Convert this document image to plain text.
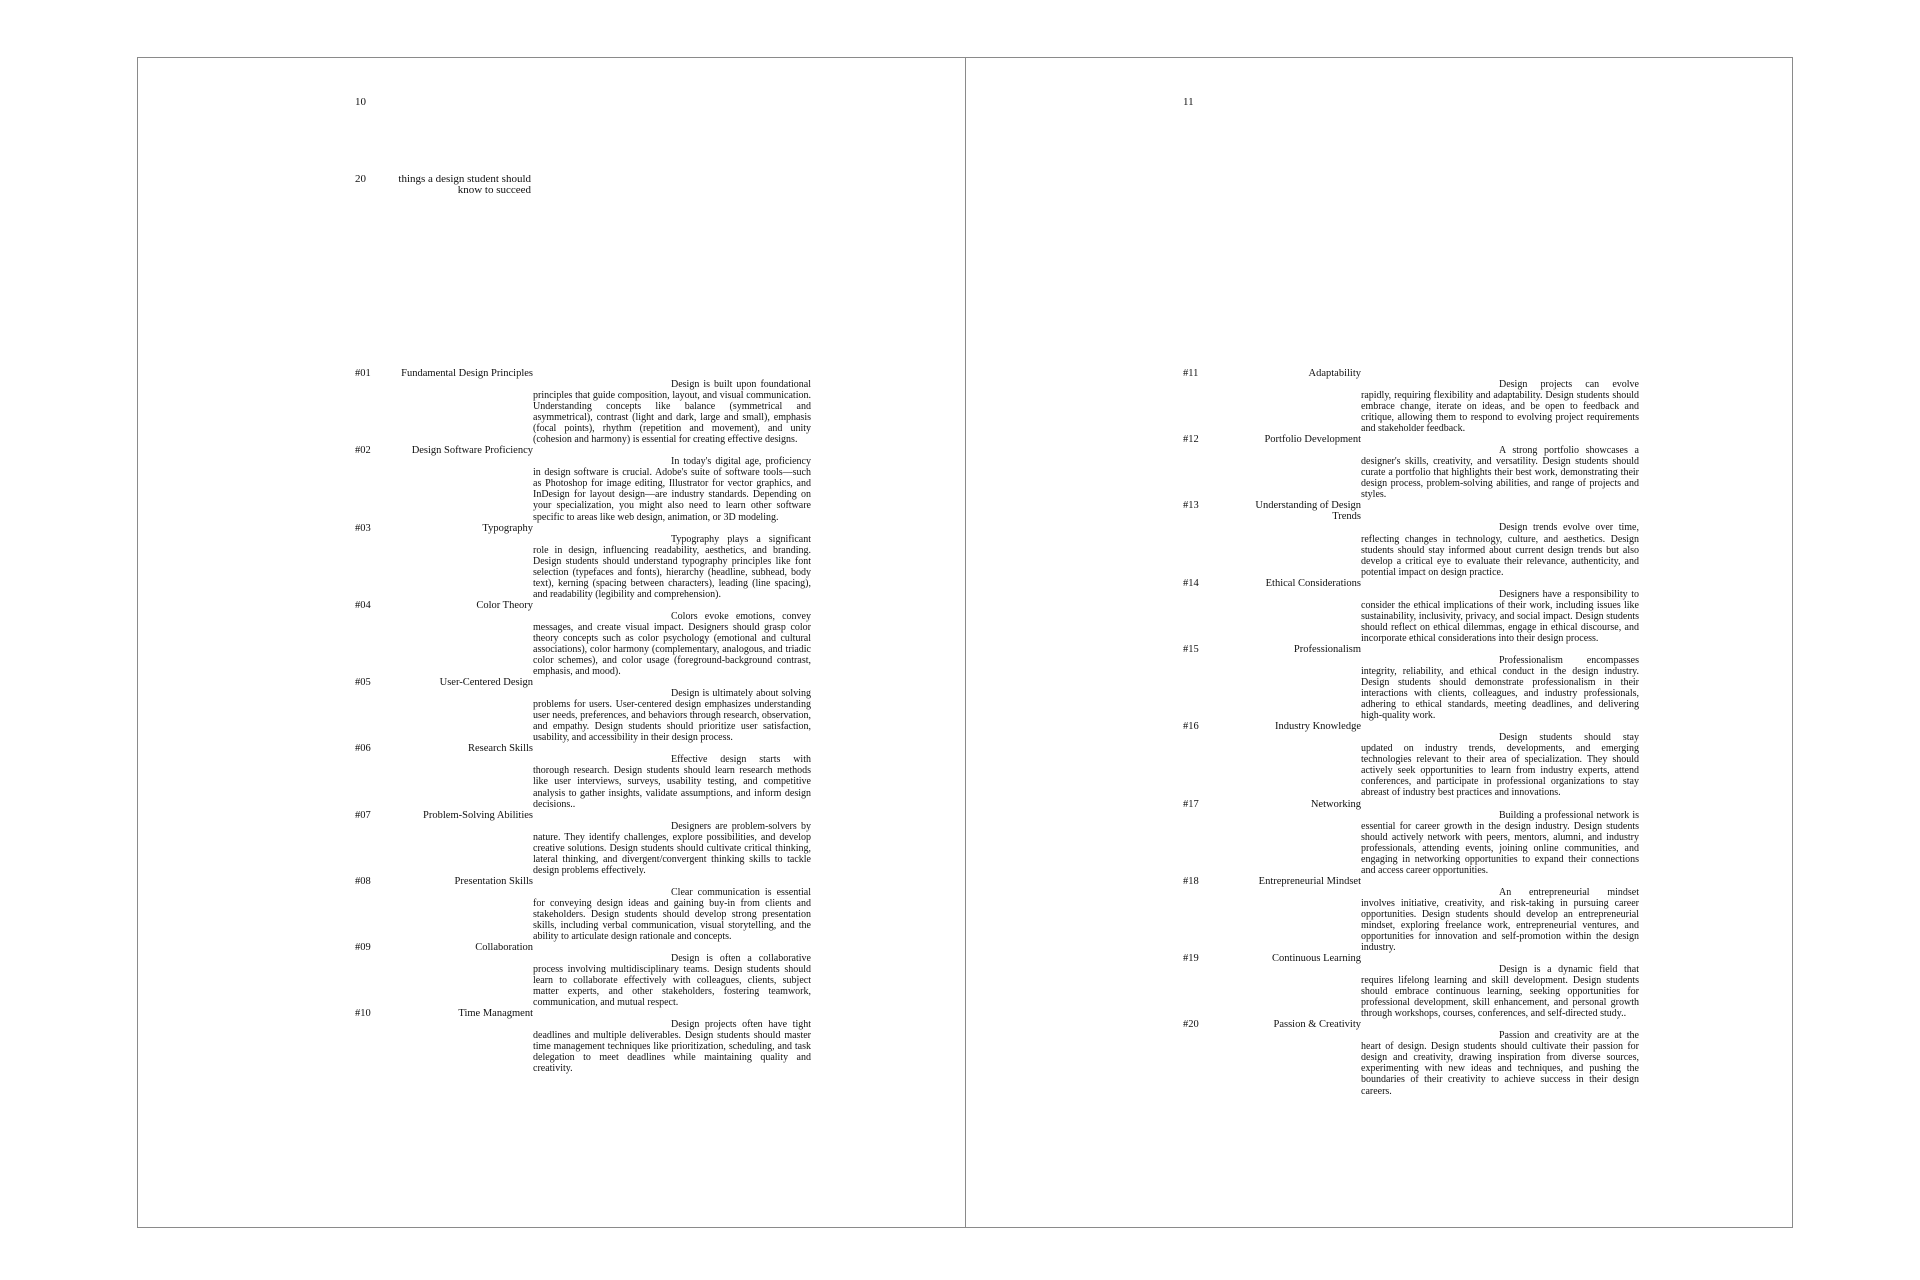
10
20	things a design student should know to succeed
#01	Fundamental Design Principles
Design is built upon foundational principles that guide composition, layout, and visual communication. Understanding concepts like balance (symmetrical and asymmetrical), contrast (light and dark, large and small), emphasis (focal points), rhythm (repetition and movement), and unity (cohesion and harmony) is essential for creating effective designs.
#02	Design Software Proficiency
In today's digital age, proficiency in design software is crucial. Adobe's suite of software tools—such as Photoshop for image editing, Illustrator for vector graphics, and InDesign for layout design—are industry standards. Depending on your specialization, you might also need to learn other software specific to areas like web design, animation, or 3D modeling.
#03	Typography
Typography plays a significant role in design, influencing readability, aesthetics, and branding. Design students should understand typography principles like font selection (typefaces and fonts), hierarchy (headline, subhead, body text), kerning (spacing between characters), leading (line spacing), and readability (legibility and comprehension).
#04	Color Theory
Colors evoke emotions, convey messages, and create visual impact. Designers should grasp color theory concepts such as color psychology (emotional and cultural associations), color harmony (complementary, analogous, and triadic color schemes), and color usage (foreground-background contrast, emphasis, and mood).
#05	User-Centered Design
Design is ultimately about solving problems for users. User-centered design emphasizes understanding user needs, preferences, and behaviors through research, observation, and empathy. Design students should prioritize user satisfaction, usability, and accessibility in their design process.
#06	Research Skills
Effective design starts with thorough research. Design students should learn research methods like user interviews, surveys, usability testing, and competitive analysis to gather insights, validate assumptions, and inform design decisions..
#07	Problem-Solving Abilities
Designers are problem-solvers by nature. They identify challenges, explore possibilities, and develop creative solutions. Design students should cultivate critical thinking, lateral thinking, and divergent/convergent thinking skills to tackle design problems effectively.
#08	Presentation Skills
Clear communication is essential for conveying design ideas and gaining buy-in from clients and stakeholders. Design students should develop strong presentation skills, including verbal communication, visual storytelling, and the ability to articulate design rationale and concepts.
#09	Collaboration
Design is often a collaborative process involving multidisciplinary teams. Design students should learn to collaborate effectively with colleagues, clients, subject matter experts, and other stakeholders, fostering teamwork, communication, and mutual respect.
#10	Time Managment
Design projects often have tight deadlines and multiple deliverables. Design students should master time management techniques like prioritization, scheduling, and task delegation to meet deadlines while maintaining quality and creativity.
11
#11	Adaptability
Design projects can evolve rapidly, requiring flexibility and adaptability. Design students should embrace change, iterate on ideas, and be open to feedback and critique, allowing them to respond to evolving project requirements and stakeholder feedback.
#12	Portfolio Development
A strong portfolio showcases a designer's skills, creativity, and versatility. Design students should curate a portfolio that highlights their best work, demonstrating their design process, problem-solving abilities, and range of projects and styles.
#13	Understanding of Design Trends
Design trends evolve over time, reflecting changes in technology, culture, and aesthetics. Design students should stay informed about current design trends but also develop a critical eye to evaluate their relevance, authenticity, and potential impact on design practice.
#14	Ethical Considerations
Designers have a responsibility to consider the ethical implications of their work, including issues like sustainability, inclusivity, privacy, and social impact. Design students should reflect on ethical dilemmas, engage in ethical discourse, and incorporate ethical considerations into their design process.
#15	Professionalism
Professionalism encompasses integrity, reliability, and ethical conduct in the design industry. Design students should demonstrate professionalism in their interactions with clients, colleagues, and industry professionals, adhering to ethical standards, meeting deadlines, and delivering high-quality work.
#16	Industry Knowledge
Design students should stay updated on industry trends, developments, and emerging technologies relevant to their area of specialization. They should actively seek opportunities to learn from industry experts, attend conferences, and participate in professional organizations to stay abreast of industry best practices and innovations.
#17	Networking
Building a professional network is essential for career growth in the design industry. Design students should actively network with peers, mentors, alumni, and industry professionals, attending events, joining online communities, and engaging in networking opportunities to expand their connections and access career opportunities.
#18	Entrepreneurial Mindset
An entrepreneurial mindset involves initiative, creativity, and risk-taking in pursuing career opportunities. Design students should develop an entrepreneurial mindset, exploring freelance work, entrepreneurial ventures, and opportunities for innovation and self-promotion within the design industry.
#19	Continuous Learning
Design is a dynamic field that requires lifelong learning and skill development. Design students should embrace continuous learning, seeking opportunities for professional development, skill enhancement, and personal growth through workshops, courses, conferences, and self-directed study..
#20	Passion & Creativity
Passion and creativity are at the heart of design. Design students should cultivate their passion for design and creativity, drawing inspiration from diverse sources, experimenting with new ideas and techniques, and pushing the boundaries of their creativity to achieve success in their design careers.
